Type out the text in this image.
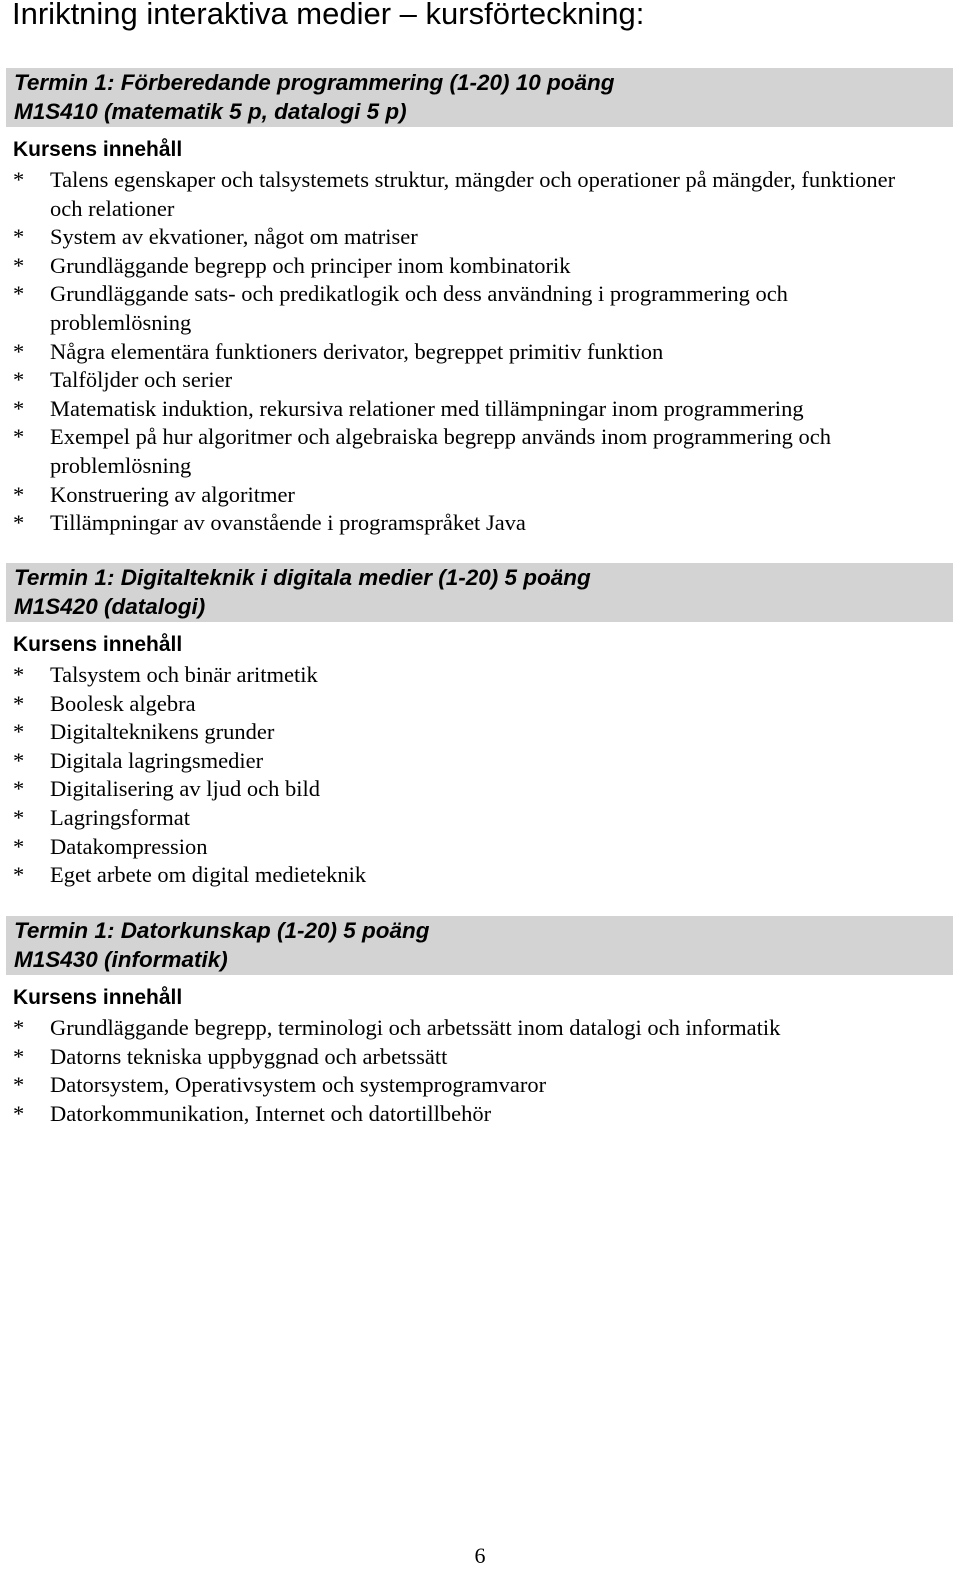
Inriktning interaktiva medier – kursförteckning:
Termin 1: Förberedande programmering (1-20) 10 poäng
M1S410 (matematik 5 p, datalogi 5 p)
Kursens innehåll
* Talens egenskaper och talsystemets struktur, mängder och operationer på mängder, funktioner och relationer
* System av ekvationer, något om matriser
* Grundläggande begrepp och principer inom kombinatorik
* Grundläggande sats- och predikatlogik och dess användning i programmering och problemlösning
* Några elementära funktioners derivator, begreppet primitiv funktion
* Talföljder och serier
* Matematisk induktion, rekursiva relationer med tillämpningar inom programmering
* Exempel på hur algoritmer och algebraiska begrepp används inom programmering och problemlösning
* Konstruering av algoritmer
* Tillämpningar av ovanstående i programspråket Java
Termin 1: Digitalteknik i digitala medier (1-20) 5 poäng
M1S420 (datalogi)
Kursens innehåll
* Talsystem och binär aritmetik
* Boolesk algebra
* Digitalteknikens grunder
* Digitala lagringsmedier
* Digitalisering av ljud och bild
* Lagringsformat
* Datakompression
* Eget arbete om digital medieteknik
Termin 1: Datorkunskap (1-20) 5 poäng
M1S430 (informatik)
Kursens innehåll
* Grundläggande begrepp, terminologi och arbetssätt inom datalogi och informatik
* Datorns tekniska uppbyggnad och arbetssätt
* Datorsystem, Operativsystem och systemprogramvaror
* Datorkommunikation, Internet och datortillbehör
6
